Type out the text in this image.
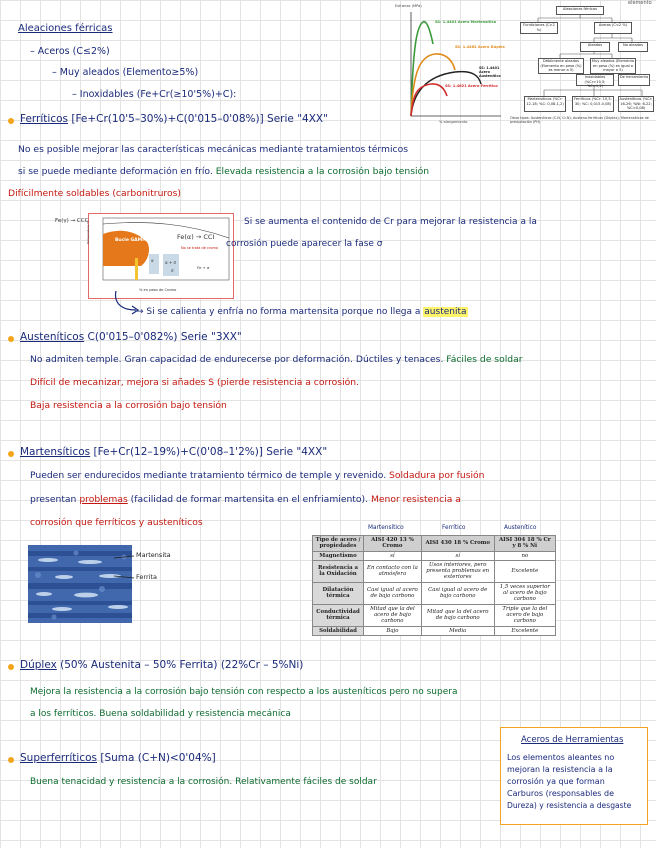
elemento
Aleaciones férricas
– Aceros (C≤2%)
– Muy aleados (Elemento≥5%)
– Inoxidables (Fe+Cr(≥10'5%)+C):
Esfuerzo (MPa)
% alargamiento
SS: 1.4401 Acero Martensítico
SS: 1.4462 Acero Dúplex
SS: 1.4401 Acero Austenítico
SS: 1.4621 Acero Ferrítico
Aleaciones férricas
Fundiciones (C>2 %)
Aceros (C<2 %)
Aleados	No aleados
Débilmente aleados (Elemento en peso (%) es menor a 5)
Muy aleados (Elemento en peso (%) es igual o mayor a 5)
Inoxidables (%Cr>10,5; %C<1,2)
De herramienta
Martensíticos (%Cr: 12-18; %C: 0,08-1,2)
Ferríticos (%Cr: 10,5-30; %C: 0,015-0,08)
Austeníticos (%Cr: 16-26; %Ni: 6-22; %C<0,08)
Otros tipos: Austeníticos (C-N, Cr-N); Austeno-ferríticos (Dúplex); Martensíticos de precipitación (PH)
Ferríticos [Fe+Cr(10'5–30%)+C(0'015–0'08%)] Serie "4XX"
No es posible mejorar las características mecánicas mediante tratamientos térmicos
si se puede mediante deformación en frío. Elevada resistencia a la corrosión bajo tensión
Difícilmente soldables (carbonitruros)
Fe(γ) → CCC
Fe(α) → CCI
Bucle GAMMA
No se trata de cromo
α	α + σ
σ
Fe + σ
Temperatura °C
% en peso de Cromo
Si se aumenta el contenido de Cr para mejorar la resistencia a la
corrosión puede aparecer la fase σ
→ Si se calienta y enfría no forma martensita porque no llega a austenita
Austeníticos C(0'015–0'082%) Serie "3XX"
No admiten temple. Gran capacidad de endurecerse por deformación. Dúctiles y tenaces. Fáciles de soldar
Difícil de mecanizar, mejora si añades S (pierde resistencia a corrosión.
Baja resistencia a la corrosión bajo tensión
Martensíticos [Fe+Cr(12–19%)+C(0'08–1'2%)] Serie "4XX"
Pueden ser endurecidos mediante tratamiento térmico de temple y revenido. Soldadura por fusión
presentan problemas (facilidad de formar martensita en el enfriamiento). Menor resistencia a
corrosión que ferríticos y austeníticos
Martensita
Ferrita
Martensítico	Ferrítico	Austenítico
Tipo de acero / propiedades	AISI 420 13 % Cromo	AISI 430 18 % Cromo	AISI 304 18 % Cr y 8 % Ni
Magnetismo	sí	sí	no
Resistencia a la Oxidación	En contacto con la atmósfera	Usos interiores, pero presenta problemas en exteriores	Excelente
Dilatación térmica	Casi igual al acero de bajo carbono	Casi igual al acero de bajo carbono	1,5 veces superior al acero de bajo carbono
Conductividad térmica	Mitad que la del acero de bajo carbono	Mitad que la del acero de bajo carbono	Triple que la del acero de bajo carbono
Soldabilidad	Bajo	Media	Excelente
Dúplex (50% Austenita – 50% Ferrita) (22%Cr – 5%Ni)
Mejora la resistencia a la corrosión bajo tensión con respecto a los austeníticos pero no supera
a los ferríticos. Buena soldabilidad y resistencia mecánica
Superferríticos [Suma (C+N)<0'04%]
Buena tenacidad y resistencia a la corrosión. Relativamente fáciles de soldar
Aceros de Herramientas
Los elementos aleantes no
mejoran la resistencia a la
corrosión ya que forman
Carburos (responsables de
Dureza) y resistencia a desgaste
